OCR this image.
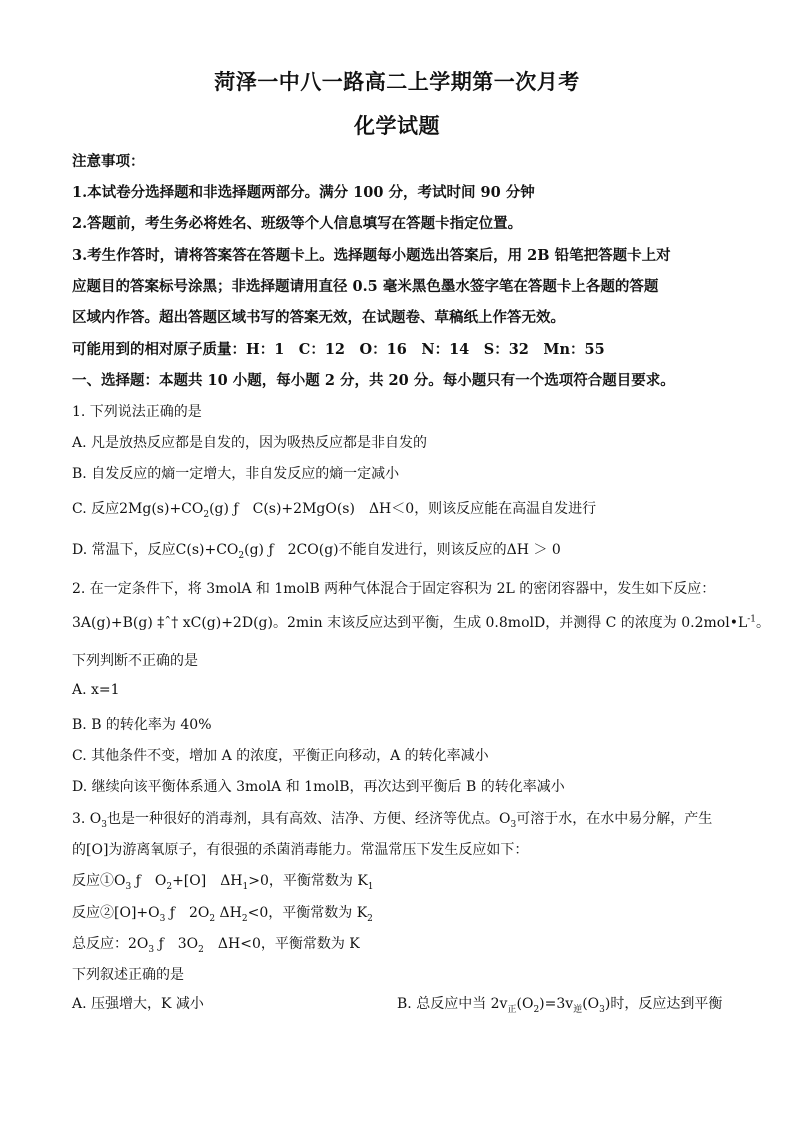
菏泽一中八一路高二上学期第一次月考
化学试题
注意事项：
1.本试卷分选择题和非选择题两部分。满分 100 分，考试时间 90 分钟
2.答题前，考生务必将姓名、班级等个人信息填写在答题卡指定位置。
3.考生作答时，请将答案答在答题卡上。选择题每小题选出答案后，用 2B 铅笔把答题卡上对
应题目的答案标号涂黑；非选择题请用直径 0.5 毫米黑色墨水签字笔在答题卡上各题的答题
区域内作答。超出答题区域书写的答案无效，在试题卷、草稿纸上作答无效。
可能用到的相对原子质量：H：1　C：12　O：16　N：14　S：32　Mn：55
一、选择题：本题共 10 小题，每小题 2 分，共 20 分。每小题只有一个选项符合题目要求。
1. 下列说法正确的是
A. 凡是放热反应都是自发的，因为吸热反应都是非自发的
B. 自发反应的熵一定增大，非自发反应的熵一定减小
C. 反应$2Mg(s)+CO_2(g)$ ƒ　C(s)+2MgO(s)　ΔH＜0，则该反应能在高温自发进行
D. 常温下，反应$C(s)+CO_2(g)$ ƒ　2CO(g)不能自发进行，则该反应的ΔH ＞ 0
2. 在一定条件下，将 3molA 和 1molB 两种气体混合于固定容积为 2L 的密闭容器中，发生如下反应：
3A(g)+B(g) ‡ˆ† xC(g)+2D(g)。2min 末该反应达到平衡，生成 0.8molD，并测得 C 的浓度为 $0.2mol•L^{-1}$。
下列判断不正确的是
A. x=1
B. B 的转化率为 40%
C. 其他条件不变，增加 A 的浓度，平衡正向移动，A 的转化率减小
D. 继续向该平衡体系通入 3molA 和 1molB，再次达到平衡后 B 的转化率减小
3. $O_3$也是一种很好的消毒剂，具有高效、洁净、方便、经济等优点。$O_3$可溶于水，在水中易分解，产生
的[O]为游离氧原子，有很强的杀菌消毒能力。常温常压下发生反应如下：
反应$①O_3$ ƒ　$O_2+[O]$　$\Delta H_1>0$，平衡常数为 $K_1$
反应$②[O]+O_3$ ƒ　$2O_2$ $\Delta H_2<0$，平衡常数为 $K_2$
总反应：$2O_3$ ƒ　$3O_2$　ΔH<0，平衡常数为 K
下列叙述正确的是
A. 压强增大，K 减小	B. 总反应中当 $2v_正(O_2)=3v_逆(O_3)$时，反应达到平衡
